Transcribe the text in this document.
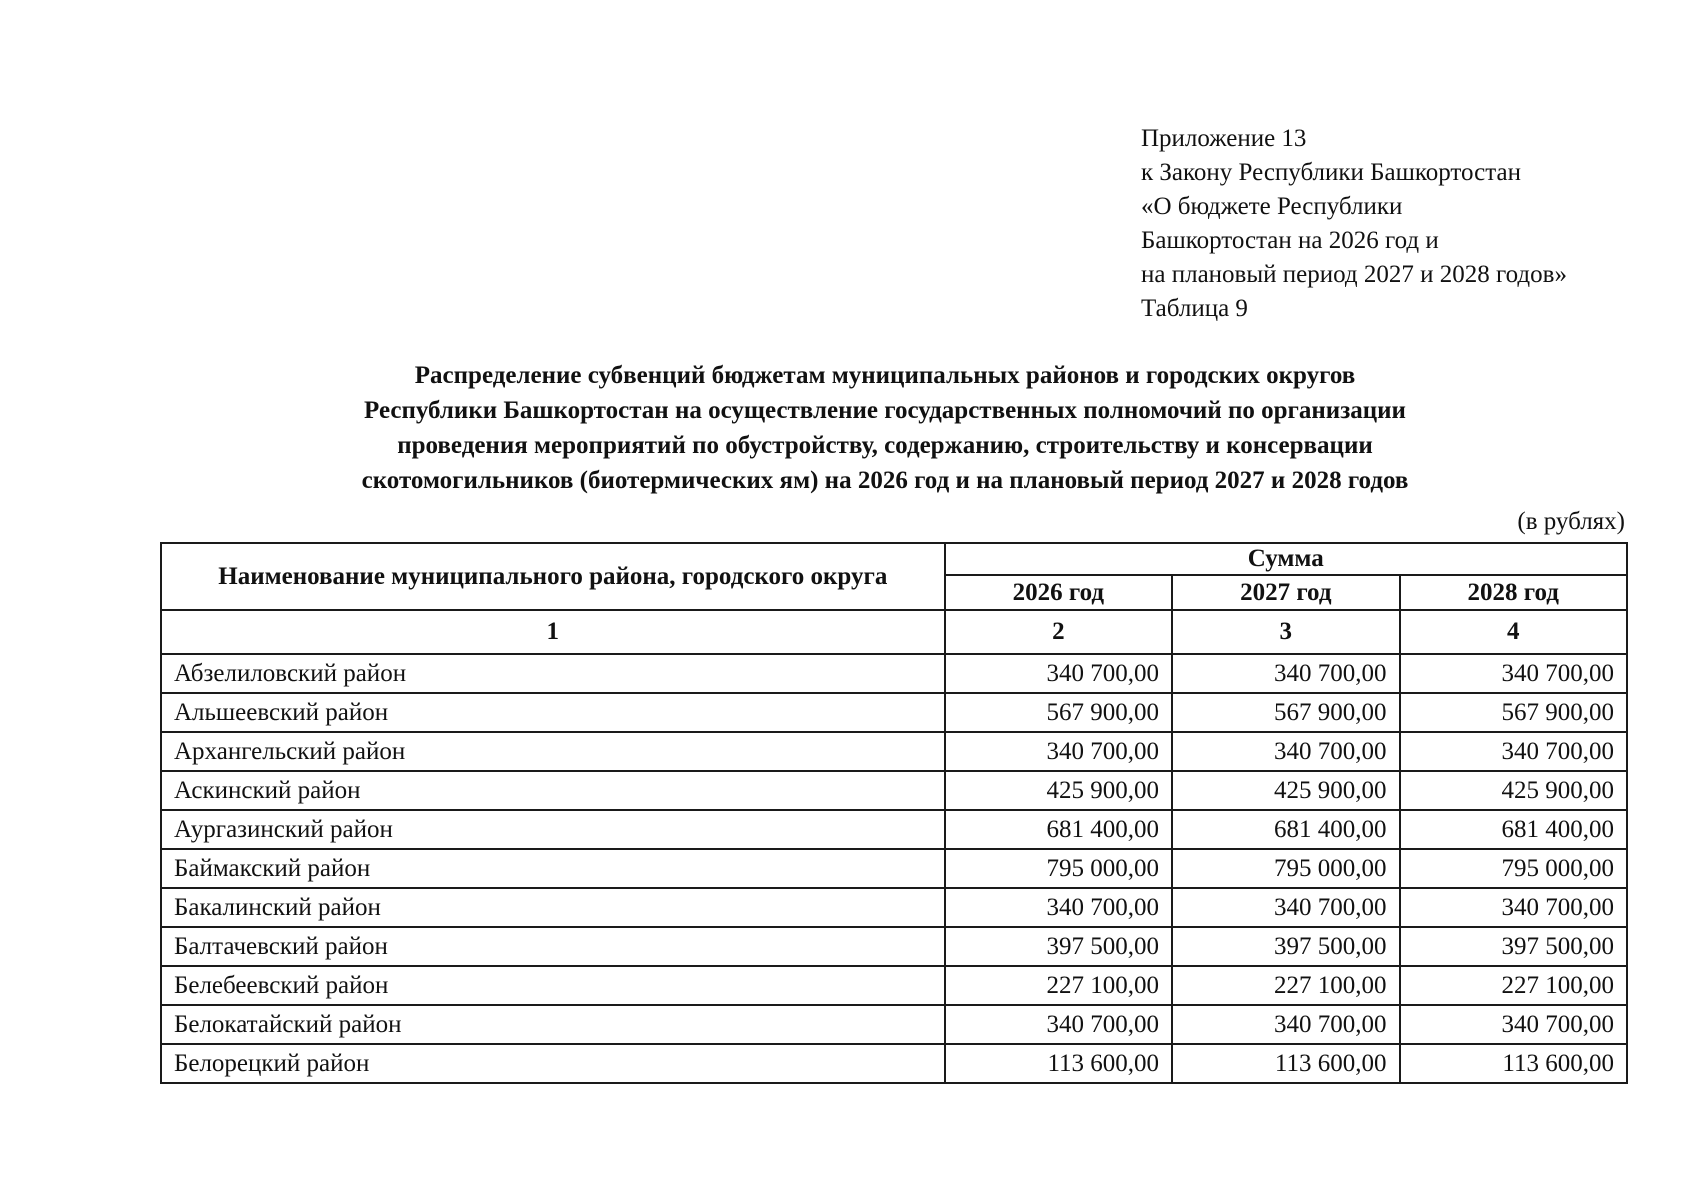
Приложение 13
к Закону Республики Башкортостан
«О бюджете Республики
Башкортостан на 2026 год и
на плановый период 2027 и 2028 годов»
Таблица 9
Распределение субвенций бюджетам муниципальных районов и городских округов
Республики Башкортостан на осуществление государственных полномочий по организации
проведения мероприятий по обустройству, содержанию, строительству и консервации
скотомогильников (биотермических ям) на 2026 год и на плановый период 2027 и 2028 годов
(в рублях)
Наименование муниципального района, городского округа	Сумма		
	2026 год	2027 год	2028 год
1	2	3	4
Абзелиловский район	340 700,00	340 700,00	340 700,00
Альшеевский район	567 900,00	567 900,00	567 900,00
Архангельский район	340 700,00	340 700,00	340 700,00
Аскинский район	425 900,00	425 900,00	425 900,00
Аургазинский район	681 400,00	681 400,00	681 400,00
Баймакский район	795 000,00	795 000,00	795 000,00
Бакалинский район	340 700,00	340 700,00	340 700,00
Балтачевский район	397 500,00	397 500,00	397 500,00
Белебеевский район	227 100,00	227 100,00	227 100,00
Белокатайский район	340 700,00	340 700,00	340 700,00
Белорецкий район	113 600,00	113 600,00	113 600,00
